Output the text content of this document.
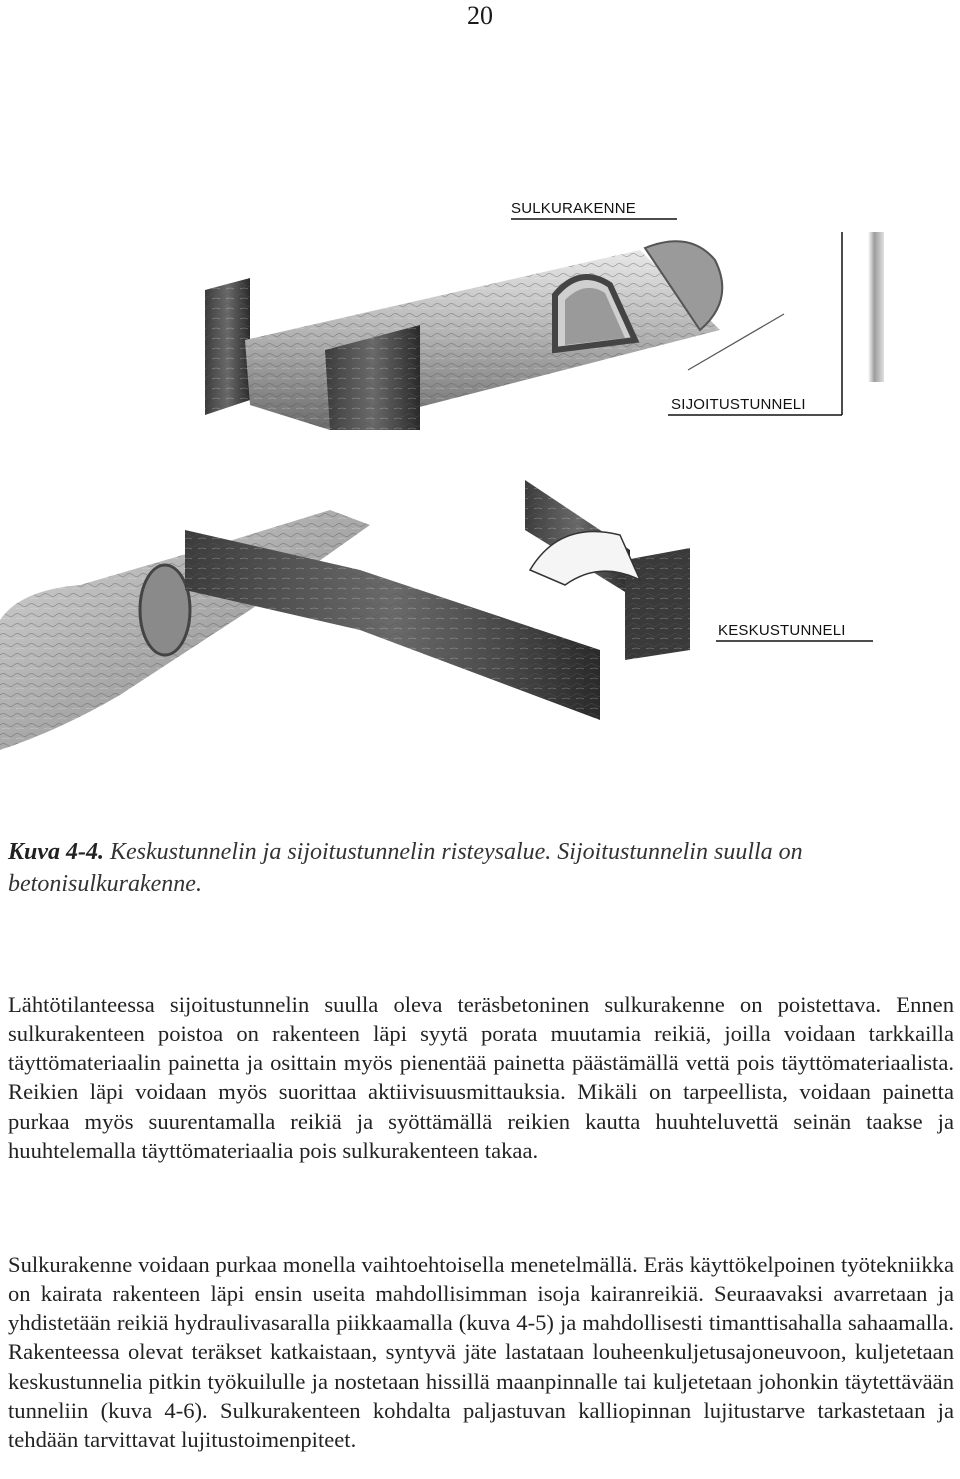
20
SULKURAKENNE
SIJOITUSTUNNELI
KESKUSTUNNELI
Kuva 4-4. Keskustunnelin ja sijoitustunnelin risteysalue. Sijoitustunnelin suulla on betonisulkurakenne.

Lähtötilanteessa sijoitustunnelin suulla oleva teräsbetoninen sulkurakenne on poistettava. Ennen sulkurakenteen poistoa on rakenteen läpi syytä porata muutamia reikiä, joilla voidaan tarkkailla täyttömateriaalin painetta ja osittain myös pienentää painetta päästämällä vettä pois täyttömateriaalista. Reikien läpi voidaan myös suorittaa aktiivisuusmittauksia. Mikäli on tarpeellista, voidaan painetta purkaa myös suurentamalla reikiä ja syöttämällä reikien kautta huuhteluvettä seinän taakse ja huuhtelemalla täyttömateriaalia pois sulkurakenteen takaa.

Sulkurakenne voidaan purkaa monella vaihtoehtoisella menetelmällä. Eräs käyttökelpoinen työtekniikka on kairata rakenteen läpi ensin useita mahdollisimman isoja kairanreikiä. Seuraavaksi avarretaan ja yhdistetään reikiä hydraulivasaralla piikkaamalla (kuva 4-5) ja mahdollisesti timanttisahalla sahaamalla. Rakenteessa olevat teräkset katkaistaan, syntyvä jäte lastataan louheenkuljetusajoneuvoon, kuljetetaan keskustunnelia pitkin työkuilulle ja nostetaan hissillä maanpinnalle tai kuljetetaan johonkin täytettävään tunneliin (kuva 4-6). Sulkurakenteen kohdalta paljastuvan kalliopinnan lujitustarve tarkastetaan ja tehdään tarvittavat lujitustoimenpiteet.
